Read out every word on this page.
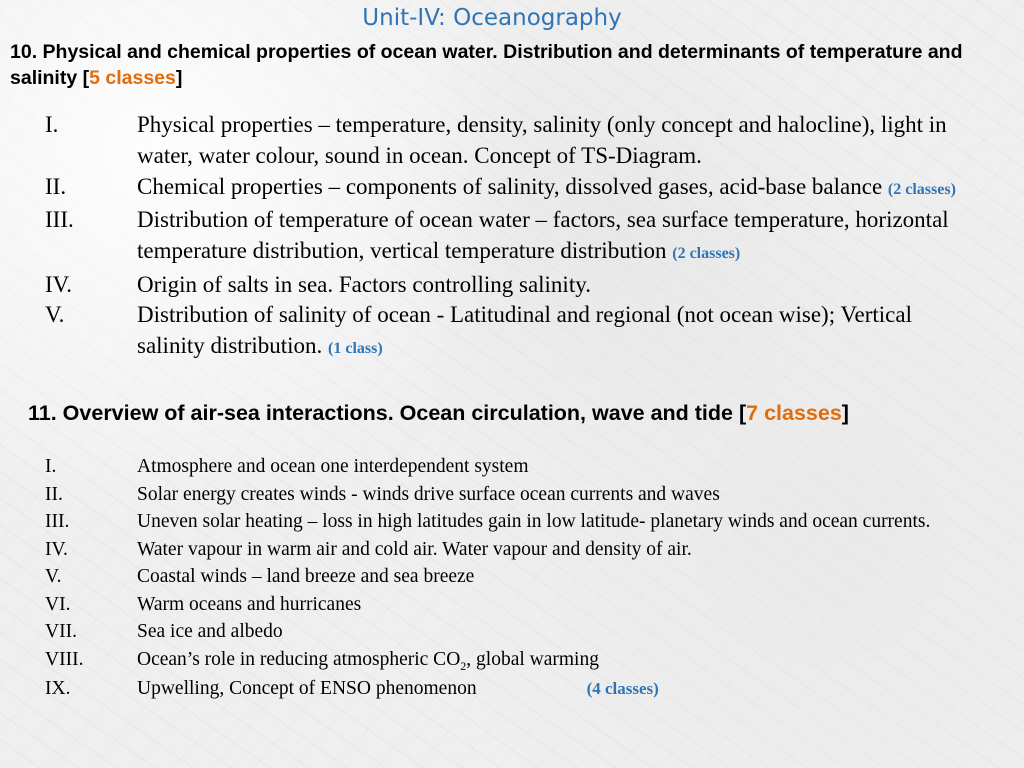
Unit-IV: Oceanography
10. Physical and chemical properties of ocean water. Distribution and determinants of temperature and salinity [5 classes]
I.	Physical properties – temperature, density, salinity (only concept and halocline), light in water, water colour, sound in ocean. Concept of TS-Diagram.
II.	Chemical properties – components of salinity, dissolved gases, acid-base balance (2 classes)
III.	Distribution of temperature of ocean water – factors, sea surface temperature, horizontal temperature distribution, vertical temperature distribution (2 classes)
IV.	Origin of salts in sea. Factors controlling salinity.
V.	Distribution of salinity of ocean - Latitudinal and regional (not ocean wise); Vertical salinity distribution. (1 class)
11. Overview of air-sea interactions. Ocean circulation, wave and tide [7 classes]
I.	Atmosphere and ocean one interdependent system
II.	Solar energy creates winds - winds drive surface ocean currents and waves
III.	Uneven solar heating – loss in high latitudes gain in low latitude- planetary winds and ocean currents.
IV.	Water vapour in warm air and cold air. Water vapour and density of air.
V.	Coastal winds – land breeze and sea breeze
VI.	Warm oceans and hurricanes
VII.	Sea ice and albedo
VIII.	Ocean’s role in reducing atmospheric $CO_2$, global warming
IX.	Upwelling, Concept of ENSO phenomenon	(4 classes)
